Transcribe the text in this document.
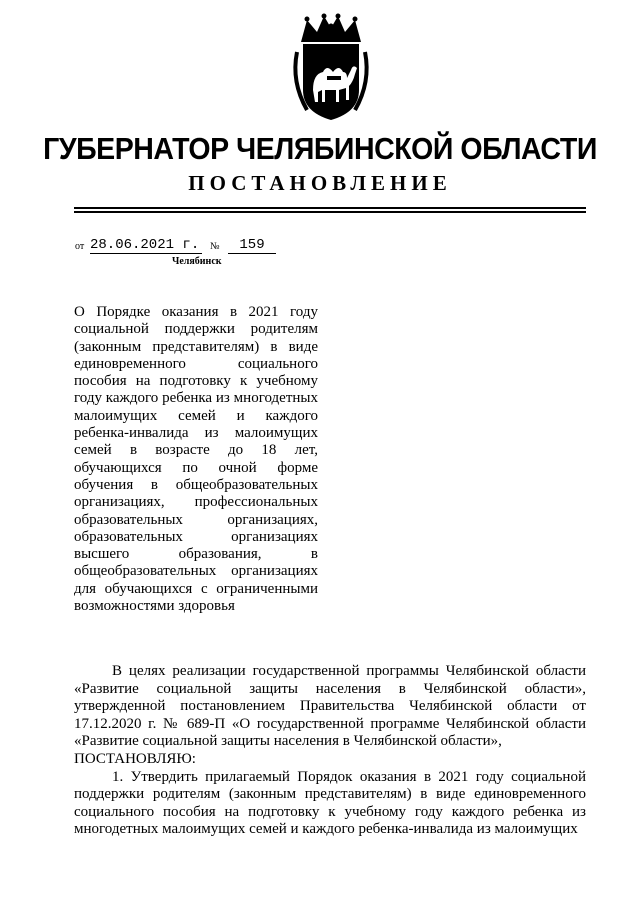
ГУБЕРНАТОР ЧЕЛЯБИНСКОЙ ОБЛАСТИ
ПОСТАНОВЛЕНИЕ
от 28.06.2021 г. №	159
Челябинск
О Порядке оказания в 2021 году социальной поддержки родителям (законным представителям) в виде единовременного социального пособия на подготовку к учебному году каждого ребенка из многодетных малоимущих семей и каждого ребенка-инвалида из малоимущих семей в возрасте до 18 лет, обучающихся по очной форме обучения в общеобразовательных организациях, профессиональных образовательных организациях, образовательных организациях высшего образования, в общеобразовательных организациях для обучающихся с ограниченными возможностями здоровья

В целях реализации государственной программы Челябинской области «Развитие социальной защиты населения в Челябинской области», утвержденной постановлением Правительства Челябинской области от 17.12.2020 г. № 689-П «О государственной программе Челябинской области «Развитие социальной защиты населения в Челябинской области»,

ПОСТАНОВЛЯЮ:

1. Утвердить прилагаемый Порядок оказания в 2021 году социальной поддержки родителям (законным представителям) в виде единовременного социального пособия на подготовку к учебному году каждого ребенка из многодетных малоимущих семей и каждого ребенка-инвалида из малоимущих
